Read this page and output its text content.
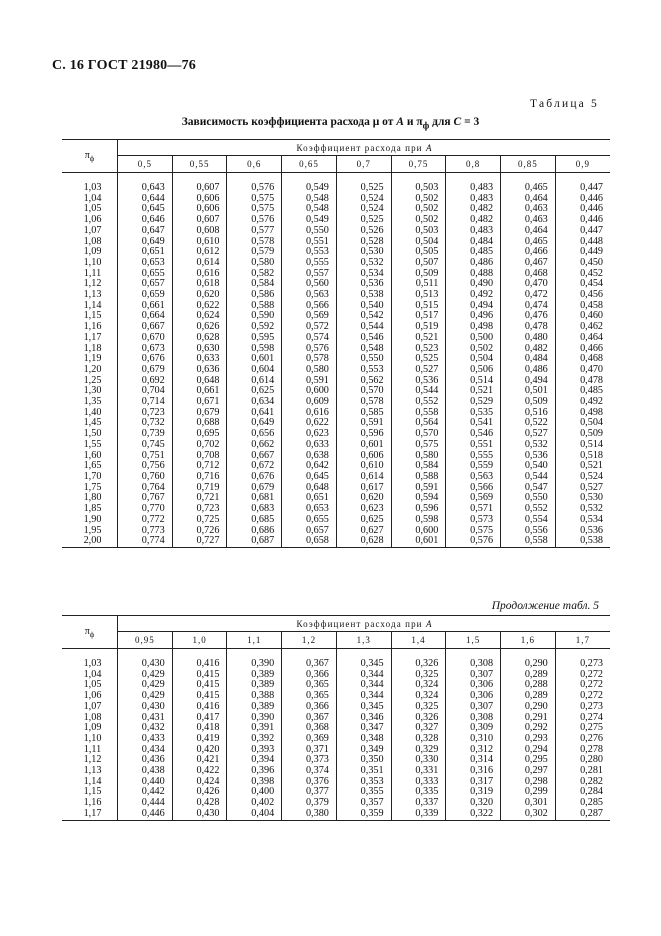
С. 16 ГОСТ 21980—76
Таблица 5
Зависимость коэффициента расхода μ от A и $\pi_ф$ для C = 3
$\pi_ф$	Коэффициент расхода при A								
	0,5	0,55	0,6	0,65	0,7	0,75	0,8	0,85	0,9

1,03	0,643	0,607	0,576	0,549	0,525	0,503	0,483	0,465	0,447
1,04	0,644	0,606	0,575	0,548	0,524	0,502	0,483	0,464	0,446
1,05	0,645	0,606	0,575	0,548	0,524	0,502	0,482	0,463	0,446
1,06	0,646	0,607	0,576	0,549	0,525	0,502	0,482	0,463	0,446
1,07	0,647	0,608	0,577	0,550	0,526	0,503	0,483	0,464	0,447
1,08	0,649	0,610	0,578	0,551	0,528	0,504	0,484	0,465	0,448
1,09	0,651	0,612	0,579	0,553	0,530	0,505	0,485	0,466	0,449
1,10	0,653	0,614	0,580	0,555	0,532	0,507	0,486	0,467	0,450
1,11	0,655	0,616	0,582	0,557	0,534	0,509	0,488	0,468	0,452
1,12	0,657	0,618	0,584	0,560	0,536	0,511	0,490	0,470	0,454
1,13	0,659	0,620	0,586	0,563	0,538	0,513	0,492	0,472	0,456
1,14	0,661	0,622	0,588	0,566	0,540	0,515	0,494	0,474	0,458
1,15	0,664	0,624	0,590	0,569	0,542	0,517	0,496	0,476	0,460
1,16	0,667	0,626	0,592	0,572	0,544	0,519	0,498	0,478	0,462
1,17	0,670	0,628	0,595	0,574	0,546	0,521	0,500	0,480	0,464
1,18	0,673	0,630	0,598	0,576	0,548	0,523	0,502	0,482	0,466
1,19	0,676	0,633	0,601	0,578	0,550	0,525	0,504	0,484	0,468
1,20	0,679	0,636	0,604	0,580	0,553	0,527	0,506	0,486	0,470
1,25	0,692	0,648	0,614	0,591	0,562	0,536	0,514	0,494	0,478
1,30	0,704	0,661	0,625	0,600	0,570	0,544	0,521	0,501	0,485
1,35	0,714	0,671	0,634	0,609	0,578	0,552	0,529	0,509	0,492
1,40	0,723	0,679	0,641	0,616	0,585	0,558	0,535	0,516	0,498
1,45	0,732	0,688	0,649	0,622	0,591	0,564	0,541	0,522	0,504
1,50	0,739	0,695	0,656	0,623	0,596	0,570	0,546	0,527	0,509
1,55	0,745	0,702	0,662	0,633	0,601	0,575	0,551	0,532	0,514
1,60	0,751	0,708	0,667	0,638	0,606	0,580	0,555	0,536	0,518
1,65	0,756	0,712	0,672	0,642	0,610	0,584	0,559	0,540	0,521
1,70	0,760	0,716	0,676	0,645	0,614	0,588	0,563	0,544	0,524
1,75	0,764	0,719	0,679	0,648	0,617	0,591	0,566	0,547	0,527
1,80	0,767	0,721	0,681	0,651	0,620	0,594	0,569	0,550	0,530
1,85	0,770	0,723	0,683	0,653	0,623	0,596	0,571	0,552	0,532
1,90	0,772	0,725	0,685	0,655	0,625	0,598	0,573	0,554	0,534
1,95	0,773	0,726	0,686	0,657	0,627	0,600	0,575	0,556	0,536
2,00	0,774	0,727	0,687	0,658	0,628	0,601	0,576	0,558	0,538
Продолжение табл. 5
$\pi_ф$	Коэффициент расхода при A								
	0,95	1,0	1,1	1,2	1,3	1,4	1,5	1,6	1,7

1,03	0,430	0,416	0,390	0,367	0,345	0,326	0,308	0,290	0,273
1,04	0,429	0,415	0,389	0,366	0,344	0,325	0,307	0,289	0,272
1,05	0,429	0,415	0,389	0,365	0,344	0,324	0,306	0,288	0,272
1,06	0,429	0,415	0,388	0,365	0,344	0,324	0,306	0,289	0,272
1,07	0,430	0,416	0,389	0,366	0,345	0,325	0,307	0,290	0,273
1,08	0,431	0,417	0,390	0,367	0,346	0,326	0,308	0,291	0,274
1,09	0,432	0,418	0,391	0,368	0,347	0,327	0,309	0,292	0,275
1,10	0,433	0,419	0,392	0,369	0,348	0,328	0,310	0,293	0,276
1,11	0,434	0,420	0,393	0,371	0,349	0,329	0,312	0,294	0,278
1,12	0,436	0,421	0,394	0,373	0,350	0,330	0,314	0,295	0,280
1,13	0,438	0,422	0,396	0,374	0,351	0,331	0,316	0,297	0,281
1,14	0,440	0,424	0,398	0,376	0,353	0,333	0,317	0,298	0,282
1,15	0,442	0,426	0,400	0,377	0,355	0,335	0,319	0,299	0,284
1,16	0,444	0,428	0,402	0,379	0,357	0,337	0,320	0,301	0,285
1,17	0,446	0,430	0,404	0,380	0,359	0,339	0,322	0,302	0,287
